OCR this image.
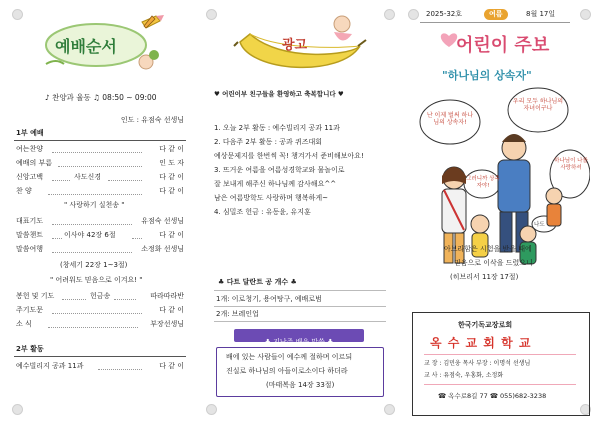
예배순서
♪ 찬양과 율동 ♫ 08:50 ~ 09:00
인도 : 유점숙 선생님
1부 예배
여는찬양	다 같 이
예배의 부름	인 도 자
신앙고백	사도신경	다 같 이
찬 양	다 같 이
" 사랑하기 실천송 "
대표기도	유점숙 선생님
말씀챈트	이사야 42장 6절	다 같 이
말씀여행	소정화 선생님
(창세기 22장 1~3절)
" 어려워도 믿음으로 이겨요! "
봉헌 및 기도	헌금송	따라따라반
주기도문	다 같 이
소 식	부장선생님
2부 활동
예수빌리지 공과 11과	다 같 이
광고
♥ 어린이부 친구들을 환영하고 축복합니다 ♥
1. 오늘 2부 활동 : 예수빌리지 공과 11과
2. 다음주 2부 활동 : 공과 퀴즈대회
예상문제지를 한번씩 꼭! 챙겨가서 준비해보아요!
3. 뜨거운 여름을 여름성경학교와 물놀이로
잘 보내게 해주신 하나님께 감사해요^^
남은 여름방학도 사랑하며 행복하게~
4. 심밀조 헌금 : 유동윤, 유지훈
♣ 다트 달란트 공 개수 ♣
1개: 이로청기, 용여탕구, 예배로범
2개: 브레인업
♣ 지난주 배운 말씀 ♣
배에 있는 사람들이 예수께 절하며 이르되
진실로 하나님의 아들이로소이다 하더라
(마태복음 14장 33절)
2025-32호	여름	8월 17일
어린이 주보
"하나님의 상속자"
난 이제 벌써 하나님의 상속자!
우리 모두 하나님의 자녀이구나
하나님이 나를 사랑하셔
그러니까 상속자야!
나도
아브라함은 시험을 받을 때에
믿음으로 이삭을 드렸으니
(히브리서 11장 17절)
한국기독교장로회
옥 수 교 회 학 교
교 장 : 김민웅 목사 부장 : 이명석 선생님
교 사 : 유점숙, 우홍화, 소정화
☎ 옥수로8길 77 ☎ 055)682-3238
